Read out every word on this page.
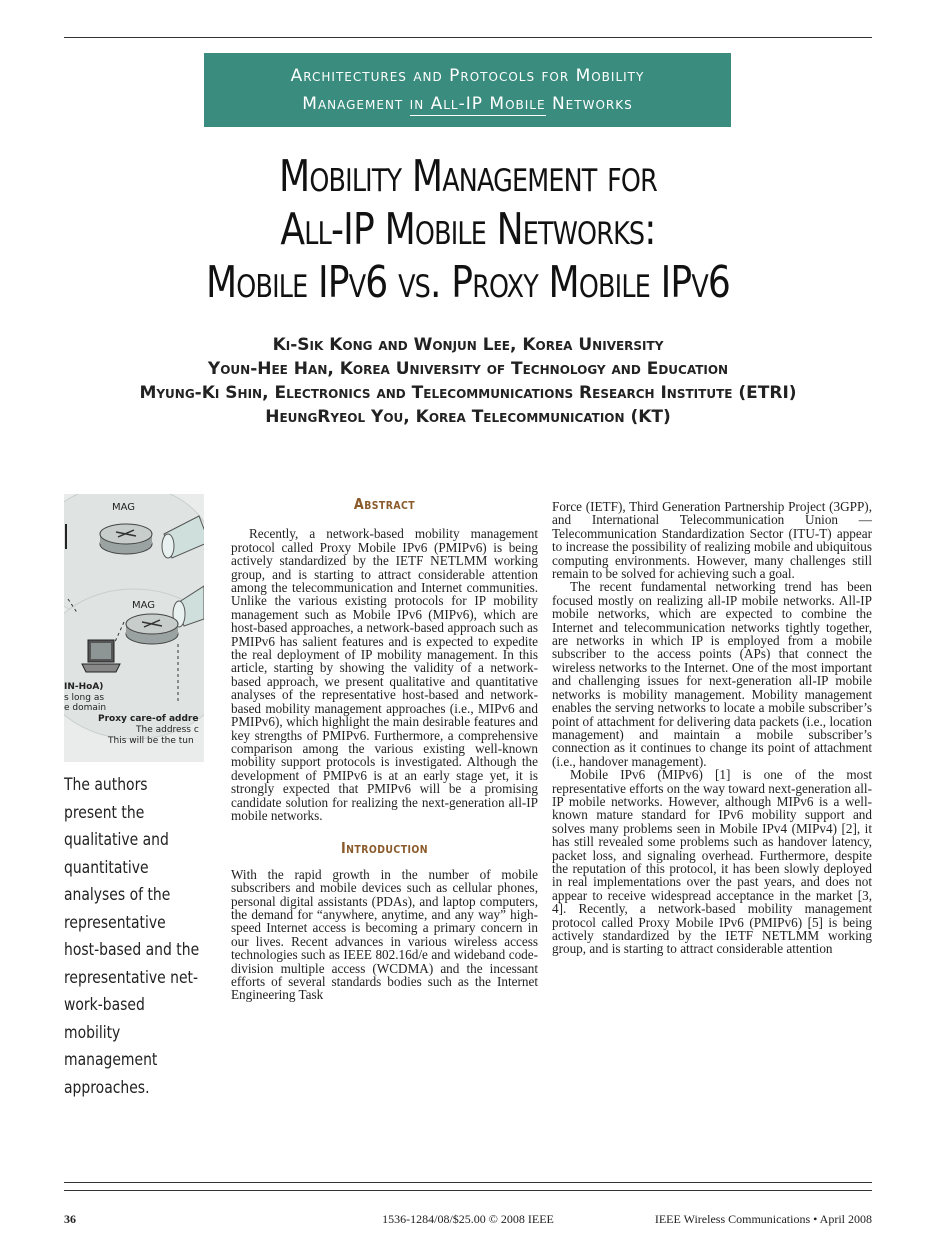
Architectures and Protocols for Mobility
Management in All-IP Mobile Networks
Mobility Management for
All-IP Mobile Networks:
Mobile IPv6 vs. Proxy Mobile IPv6
Ki-Sik Kong and Wonjun Lee, Korea University
Youn-Hee Han, Korea University of Technology and Education
Myung-Ki Shin, Electronics and Telecommunications Research Institute (ETRI)
HeungRyeol You, Korea Telecommunication (KT)
MAG
MAG
IN-HoA)
s long as
e domain
Proxy care-of addre
The address c
This will be the tun
The authors present the qualitative and quantitative analyses of the representative host-based and the representative network-based mobility management approaches.
Abstract

Recently, a network-based mobility management protocol called Proxy Mobile IPv6 (PMIPv6) is being actively standardized by the IETF NETLMM working group, and is starting to attract considerable attention among the telecommunication and Internet communities. Unlike the various existing protocols for IP mobility management such as Mobile IPv6 (MIPv6), which are host-based approaches, a network-based approach such as PMIPv6 has salient features and is expected to expedite the real deployment of IP mobility management. In this article, starting by showing the validity of a network-based approach, we present qualitative and quantitative analyses of the representative host-based and network-based mobility management approaches (i.e., MIPv6 and PMIPv6), which highlight the main desirable features and key strengths of PMIPv6. Furthermore, a comprehensive comparison among the various existing well-known mobility support protocols is investigated. Although the development of PMIPv6 is at an early stage yet, it is strongly expected that PMIPv6 will be a promising candidate solution for realizing the next-generation all-IP mobile networks.

Introduction

With the rapid growth in the number of mobile subscribers and mobile devices such as cellular phones, personal digital assistants (PDAs), and laptop computers, the demand for “anywhere, anytime, and any way” high-speed Internet access is becoming a primary concern in our lives. Recent advances in various wireless access technologies such as IEEE 802.16d/e and wideband code-division multiple access (WCDMA) and the incessant efforts of several standards bodies such as the Internet Engineering Task

Force (IETF), Third Generation Partnership Project (3GPP), and International Telecommunication Union — Telecommunication Standardization Sector (ITU-T) appear to increase the possibility of realizing mobile and ubiquitous computing environments. However, many challenges still remain to be solved for achieving such a goal.

The recent fundamental networking trend has been focused mostly on realizing all-IP mobile networks. All-IP mobile networks, which are expected to combine the Internet and telecommunication networks tightly together, are networks in which IP is employed from a mobile subscriber to the access points (APs) that connect the wireless networks to the Internet. One of the most important and challenging issues for next-generation all-IP mobile networks is mobility management. Mobility management enables the serving networks to locate a mobile subscriber’s point of attachment for delivering data packets (i.e., location management) and maintain a mobile subscriber’s connection as it continues to change its point of attachment (i.e., handover management).

Mobile IPv6 (MIPv6) [1] is one of the most representative efforts on the way toward next-generation all-IP mobile networks. However, although MIPv6 is a well-known mature standard for IPv6 mobility support and solves many problems seen in Mobile IPv4 (MIPv4) [2], it has still revealed some problems such as handover latency, packet loss, and signaling overhead. Furthermore, despite the reputation of this protocol, it has been slowly deployed in real implementations over the past years, and does not appear to receive widespread acceptance in the market [3, 4]. Recently, a network-based mobility management protocol called Proxy Mobile IPv6 (PMIPv6) [5] is being actively standardized by the IETF NETLMM working group, and is starting to attract considerable attention

36	1536-1284/08/$25.00 © 2008 IEEE	IEEE Wireless Communications • April 2008
